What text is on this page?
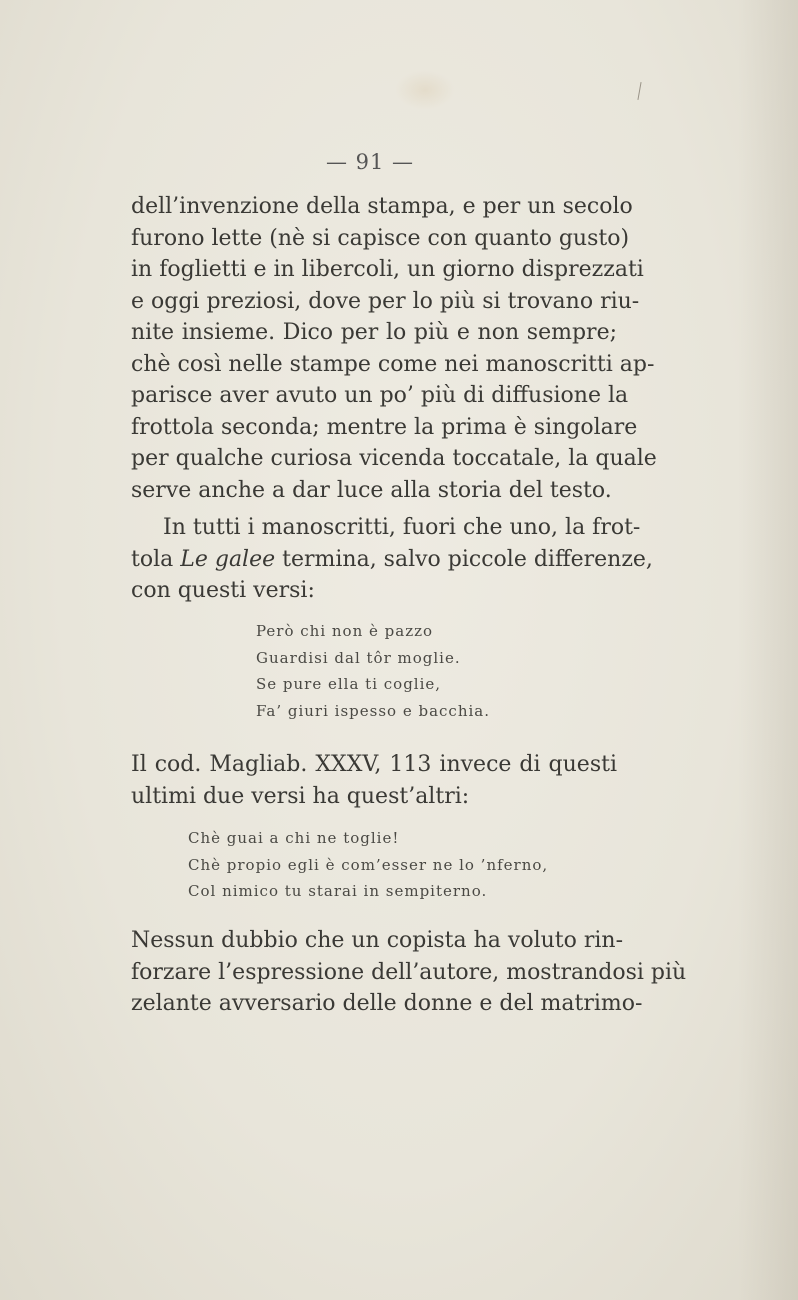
— 91 —
dell’invenzione della stampa, e per un secolo
furono lette (nè si capisce con quanto gusto)
in foglietti e in libercoli, un giorno disprezzati
e oggi preziosi, dove per lo più si trovano riu-
nite insieme. Dico per lo più e non sempre;
chè così nelle stampe come nei manoscritti ap-
parisce aver avuto un po’ più di diffusione la
frottola seconda; mentre la prima è singolare
per qualche curiosa vicenda toccatale, la quale
serve anche a dar luce alla storia del testo.
In tutti i manoscritti, fuori che uno, la frot-
tola Le galee termina, salvo piccole differenze,
con questi versi:
Però chi non è pazzo
Guardisi dal tôr moglie.
Se pure ella ti coglie,
Fa’ giuri ispesso e bacchia.
Il cod. Magliab. XXXV, 113 invece di questi
ultimi due versi ha quest’altri:
Chè guai a chi ne toglie!
Chè propio egli è com’esser ne lo ’nferno,
Col nimico tu starai in sempiterno.
Nessun dubbio che un copista ha voluto rin-
forzare l’espressione dell’autore, mostrandosi più
zelante avversario delle donne e del matrimo-
